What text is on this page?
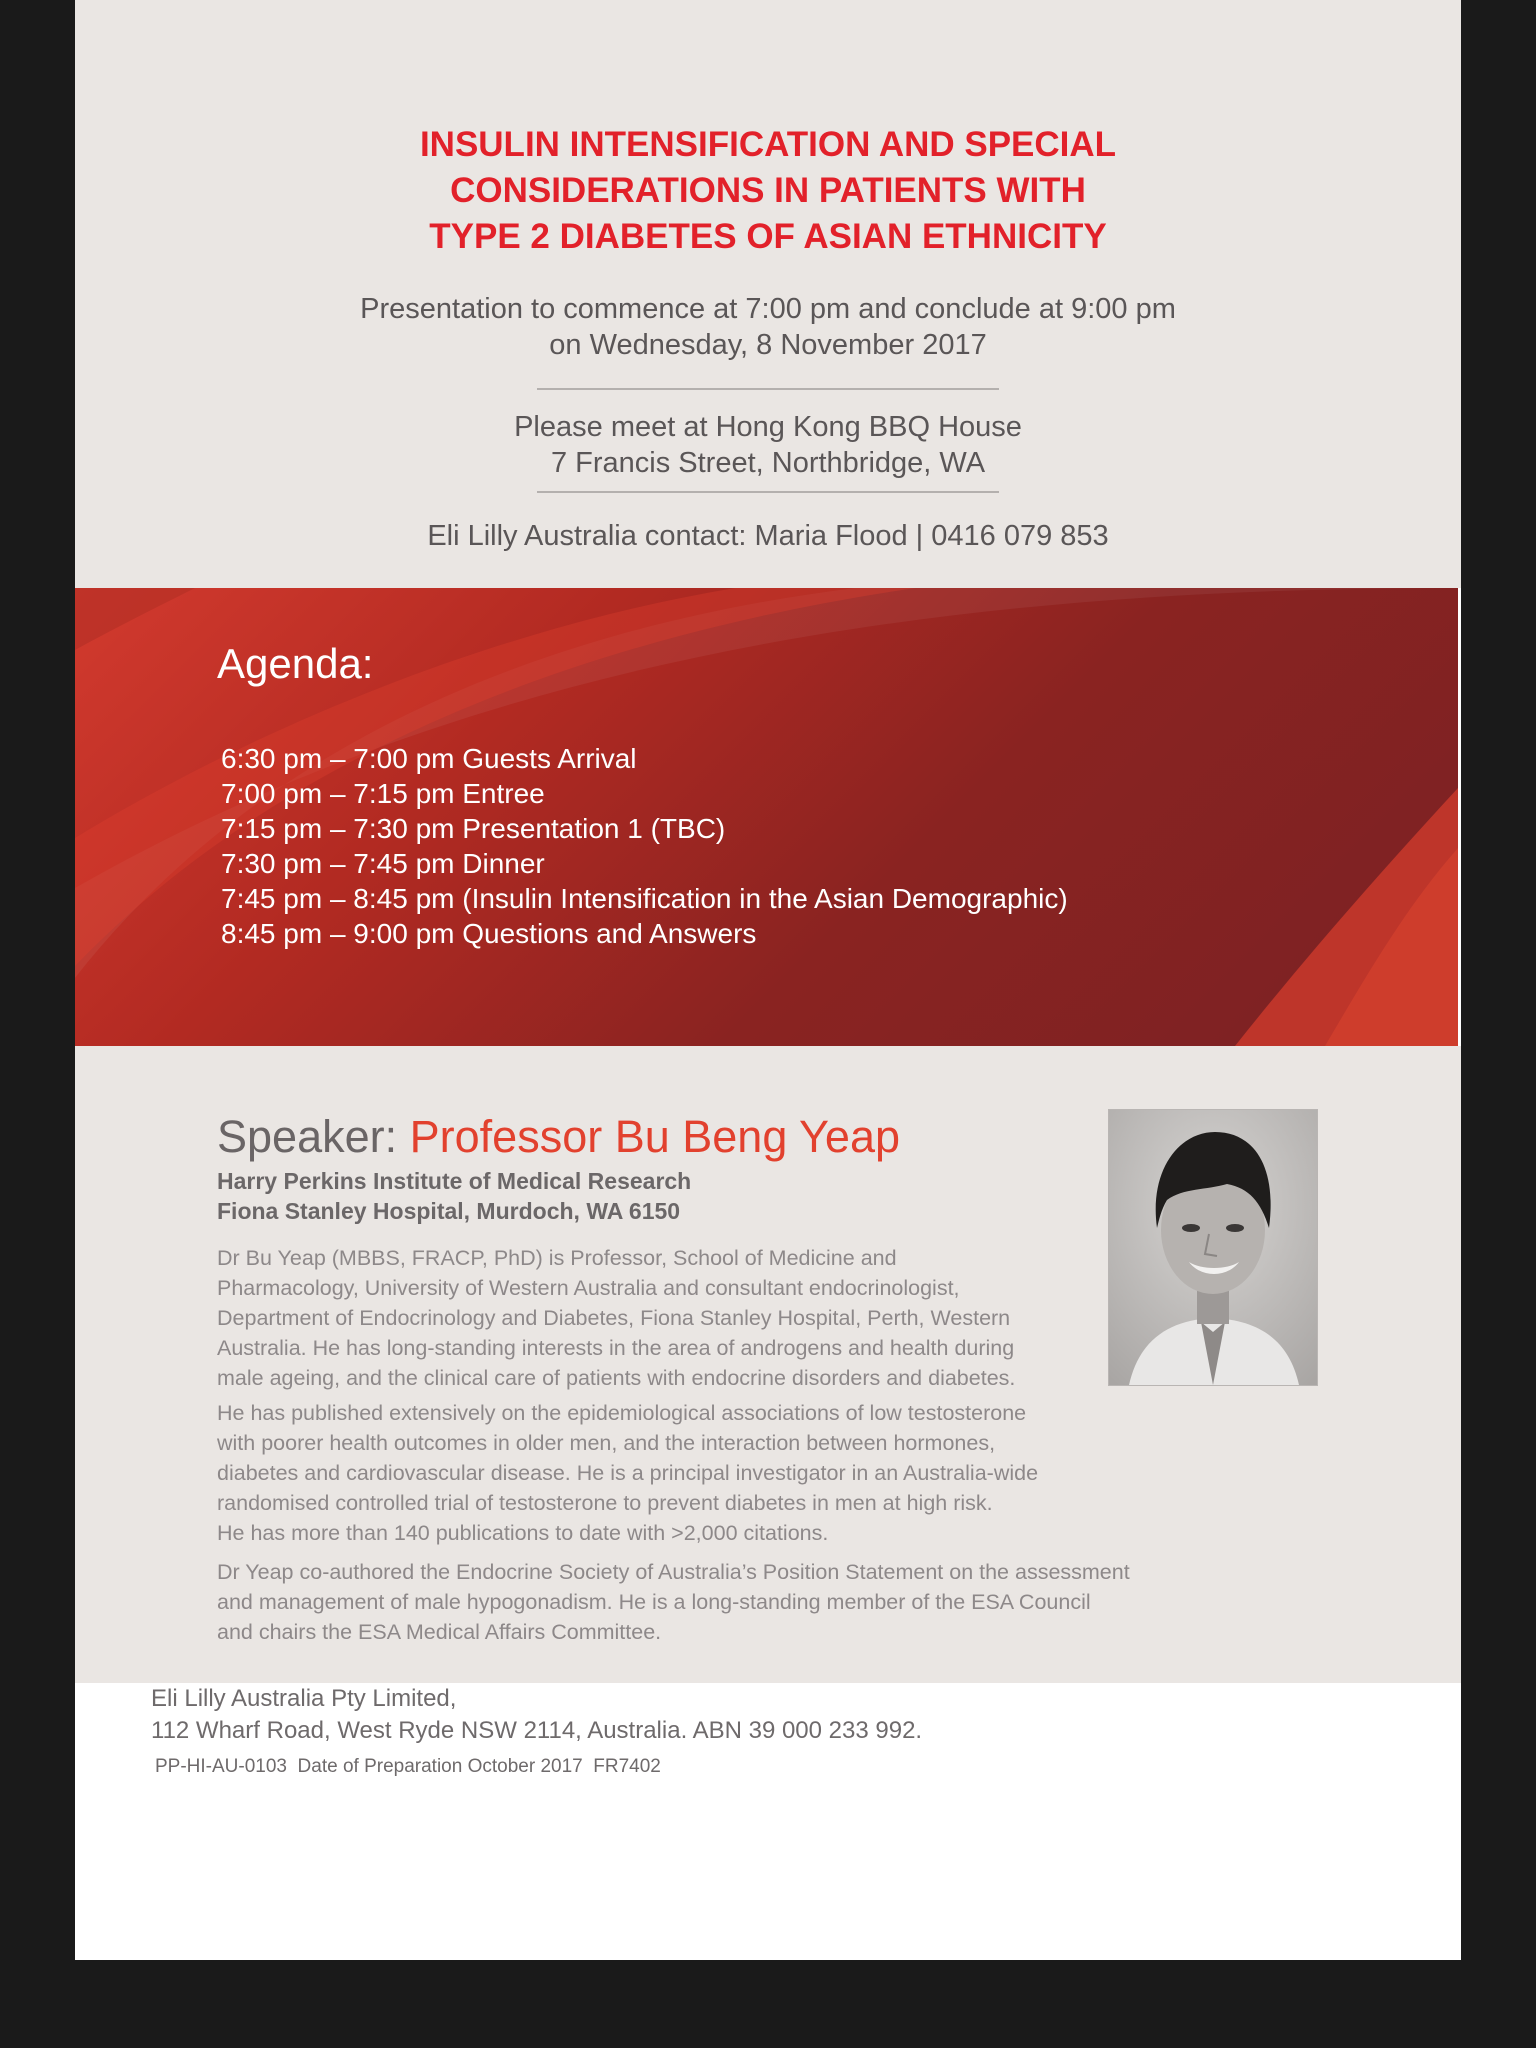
INSULIN INTENSIFICATION AND SPECIAL
CONSIDERATIONS IN PATIENTS WITH
TYPE 2 DIABETES OF ASIAN ETHNICITY
Presentation to commence at 7:00 pm and conclude at 9:00 pm
on Wednesday, 8 November 2017
Please meet at Hong Kong BBQ House
7 Francis Street, Northbridge, WA
Eli Lilly Australia contact: Maria Flood | 0416 079 853
Agenda:
6:30 pm – 7:00 pm Guests Arrival
7:00 pm – 7:15 pm Entree
7:15 pm – 7:30 pm Presentation 1 (TBC)
7:30 pm – 7:45 pm Dinner
7:45 pm – 8:45 pm (Insulin Intensification in the Asian Demographic)
8:45 pm – 9:00 pm Questions and Answers
Speaker: Professor Bu Beng Yeap
Harry Perkins Institute of Medical Research
Fiona Stanley Hospital, Murdoch, WA 6150
Dr Bu Yeap (MBBS, FRACP, PhD) is Professor, School of Medicine and
Pharmacology, University of Western Australia and consultant endocrinologist,
Department of Endocrinology and Diabetes, Fiona Stanley Hospital, Perth, Western
Australia. He has long-standing interests in the area of androgens and health during
male ageing, and the clinical care of patients with endocrine disorders and diabetes.
He has published extensively on the epidemiological associations of low testosterone
with poorer health outcomes in older men, and the interaction between hormones,
diabetes and cardiovascular disease. He is a principal investigator in an Australia-wide
randomised controlled trial of testosterone to prevent diabetes in men at high risk.
He has more than 140 publications to date with >2,000 citations.
Dr Yeap co-authored the Endocrine Society of Australia’s Position Statement on the assessment
and management of male hypogonadism. He is a long-standing member of the ESA Council
and chairs the ESA Medical Affairs Committee.
Eli Lilly Australia Pty Limited,
112 Wharf Road, West Ryde NSW 2114, Australia. ABN 39 000 233 992.
PP-HI-AU-0103  Date of Preparation October 2017  FR7402
